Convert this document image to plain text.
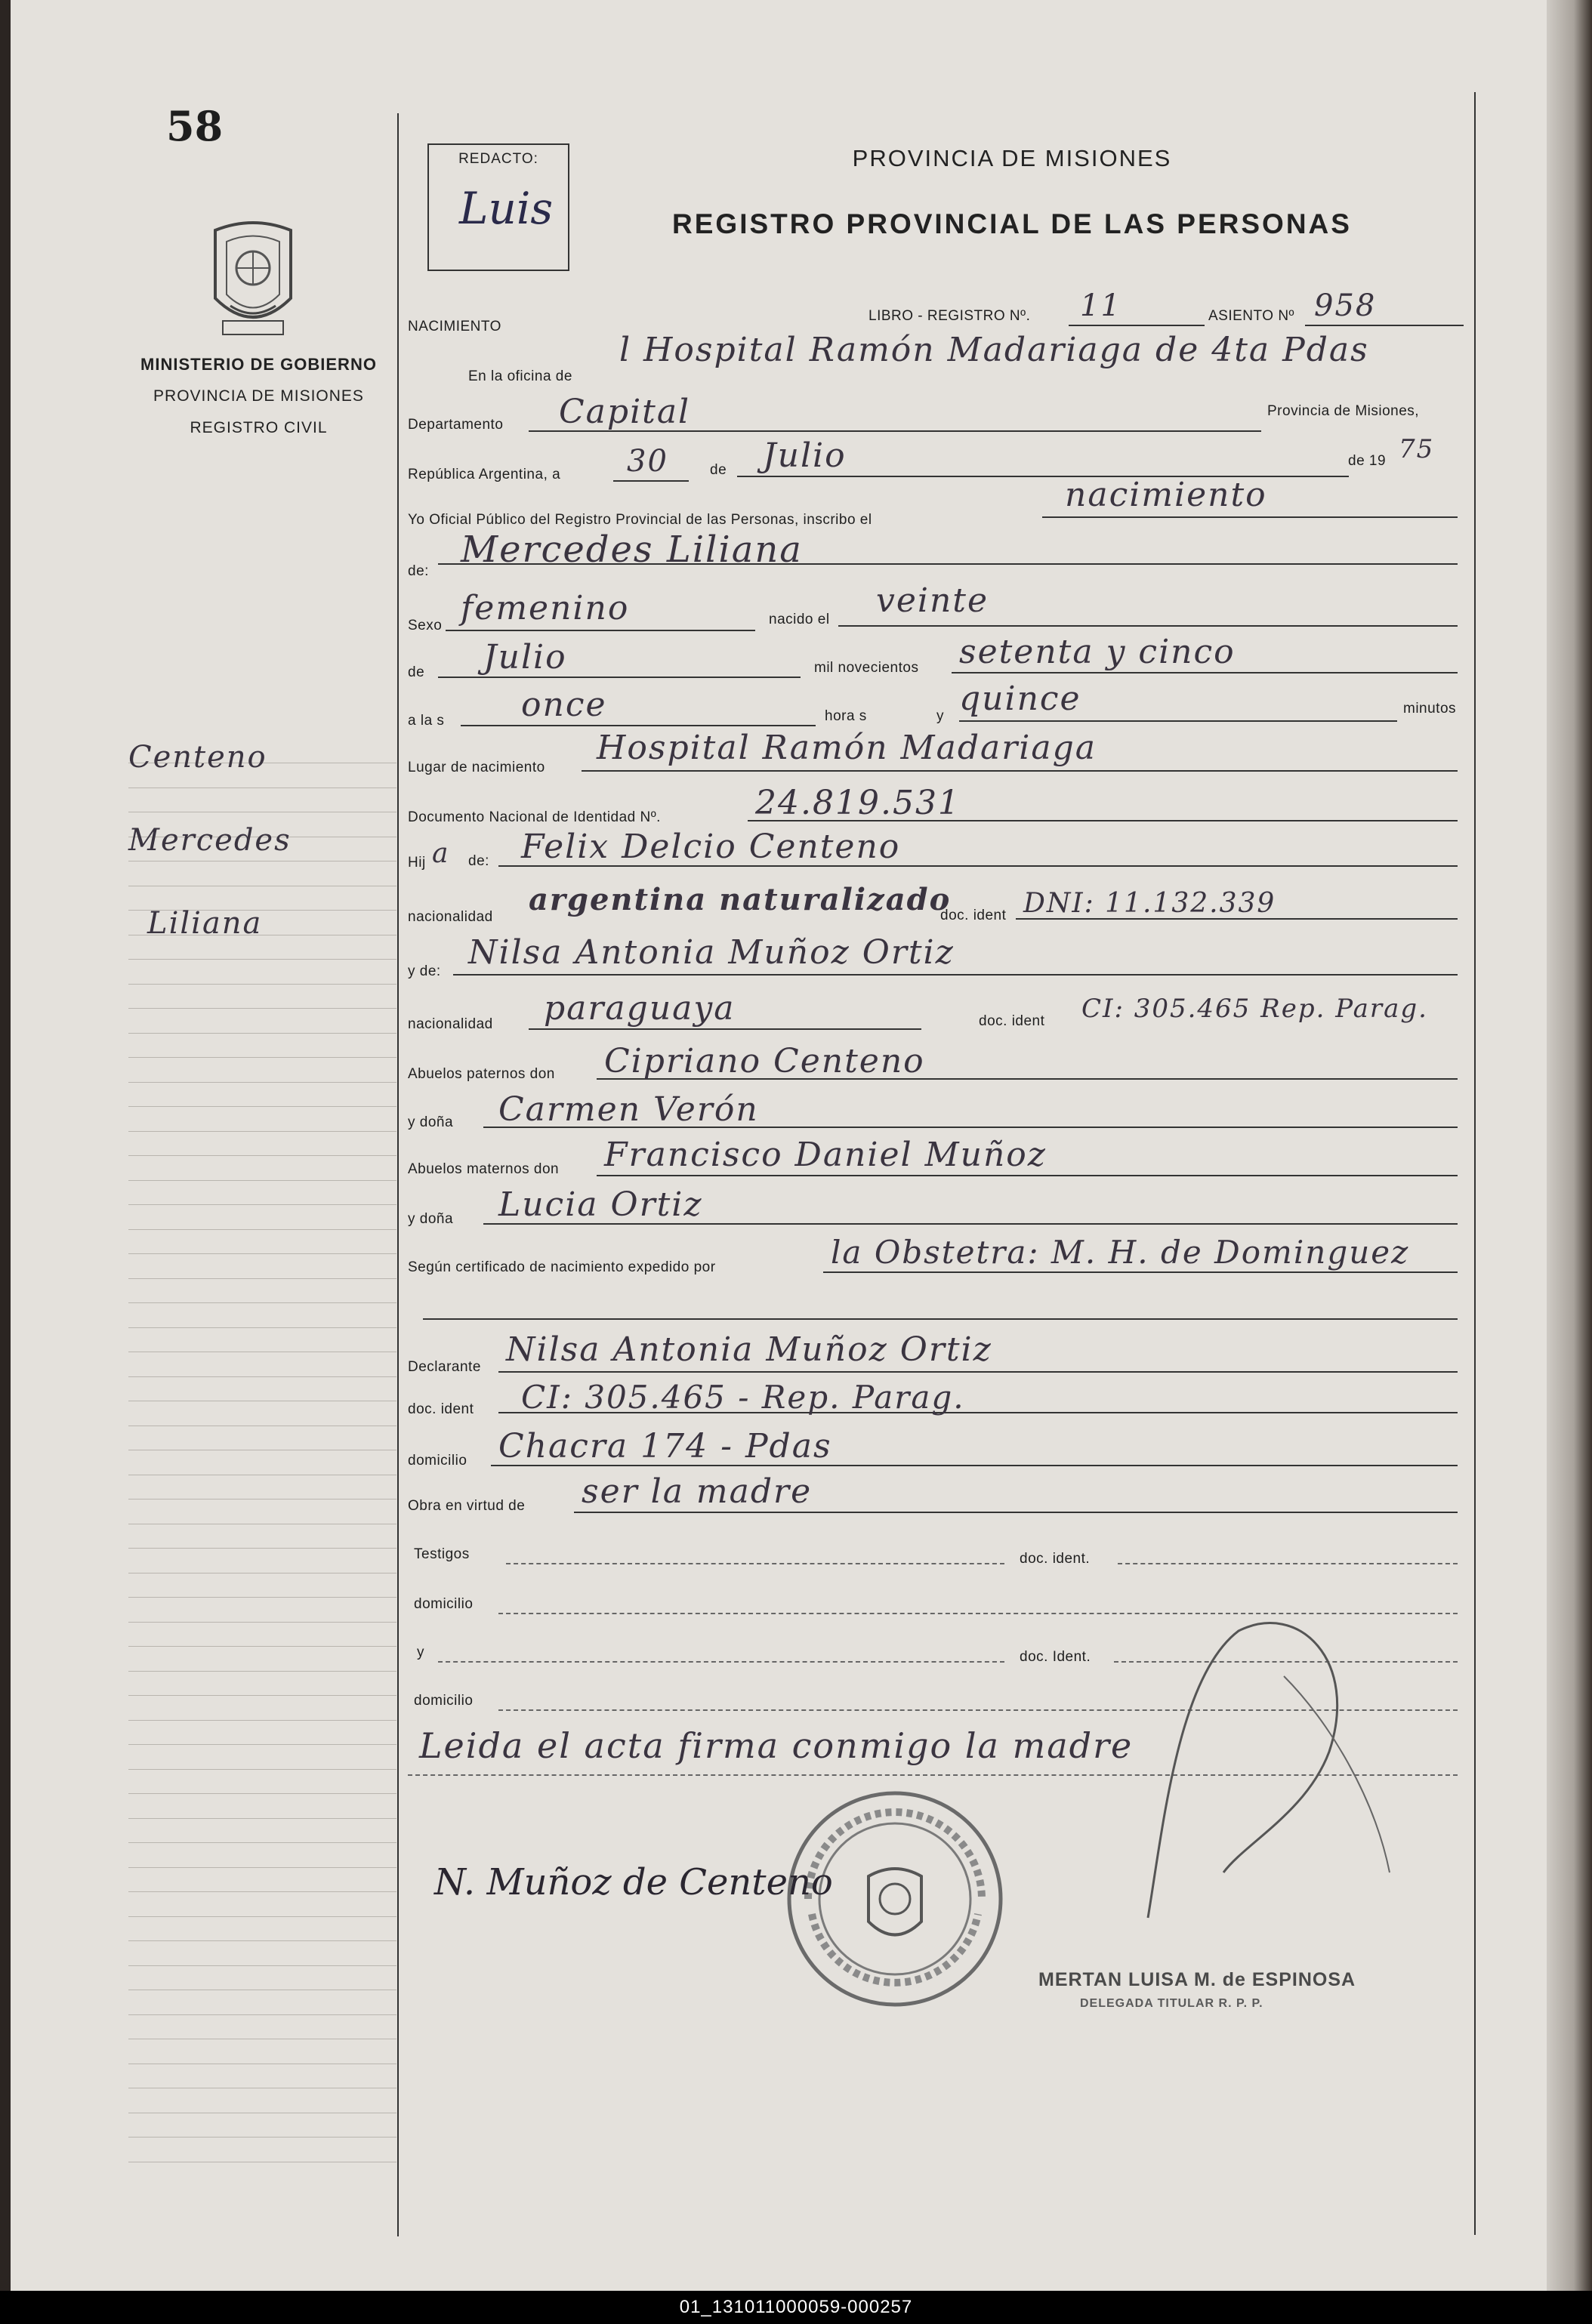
58
MINISTERIO DE GOBIERNO
PROVINCIA DE MISIONES
REGISTRO CIVIL
Centeno
Mercedes
Liliana
REDACTO:
Luis
PROVINCIA DE MISIONES
REGISTRO PROVINCIAL DE LAS PERSONAS
NACIMIENTO
LIBRO - REGISTRO Nº. 11	ASIENTO Nº 958
En la oficina de
l Hospital Ramón Madariaga de 4ta Pdas
Departamento Capital	Provincia de Misiones,
República Argentina, a 30	de Julio	de 19 75
Yo Oficial Público del Registro Provincial de las Personas, inscribo el
nacimiento
de:
Mercedes Liliana
Sexo femenino	nacido el veinte
de Julio	mil novecientos setenta y cinco
a la s once	hora s	y quince	minutos
Lugar de nacimiento
Hospital Ramón Madariaga
Documento Nacional de Identidad Nº.	24.819.531
Hij a de: Felix Delcio Centeno
nacionalidad argentina naturalizado
doc. ident DNI: 11.132.339
y de: Nilsa Antonia Muñoz Ortiz
nacionalidad paraguaya	doc. ident CI: 305.465 Rep. Parag.
Abuelos paternos don Cipriano Centeno
y doña Carmen Verón
Abuelos maternos don Francisco Daniel Muñoz
y doña Lucia Ortiz
Según certificado de nacimiento expedido por	la Obstetra: M. H. de Dominguez
Declarante Nilsa Antonia Muñoz Ortiz
doc. ident CI: 305.465 - Rep. Parag.
domicilio Chacra 174 - Pdas
Obra en virtud de ser la madre
Testigos	doc. ident.
domicilio
y	doc. Ident.
domicilio
Leida el acta firma conmigo la madre
N. Muñoz de Centeno
MERTAN LUISA M. de ESPINOSA
DELEGADA TITULAR R. P. P.
01_131011000059-000257
